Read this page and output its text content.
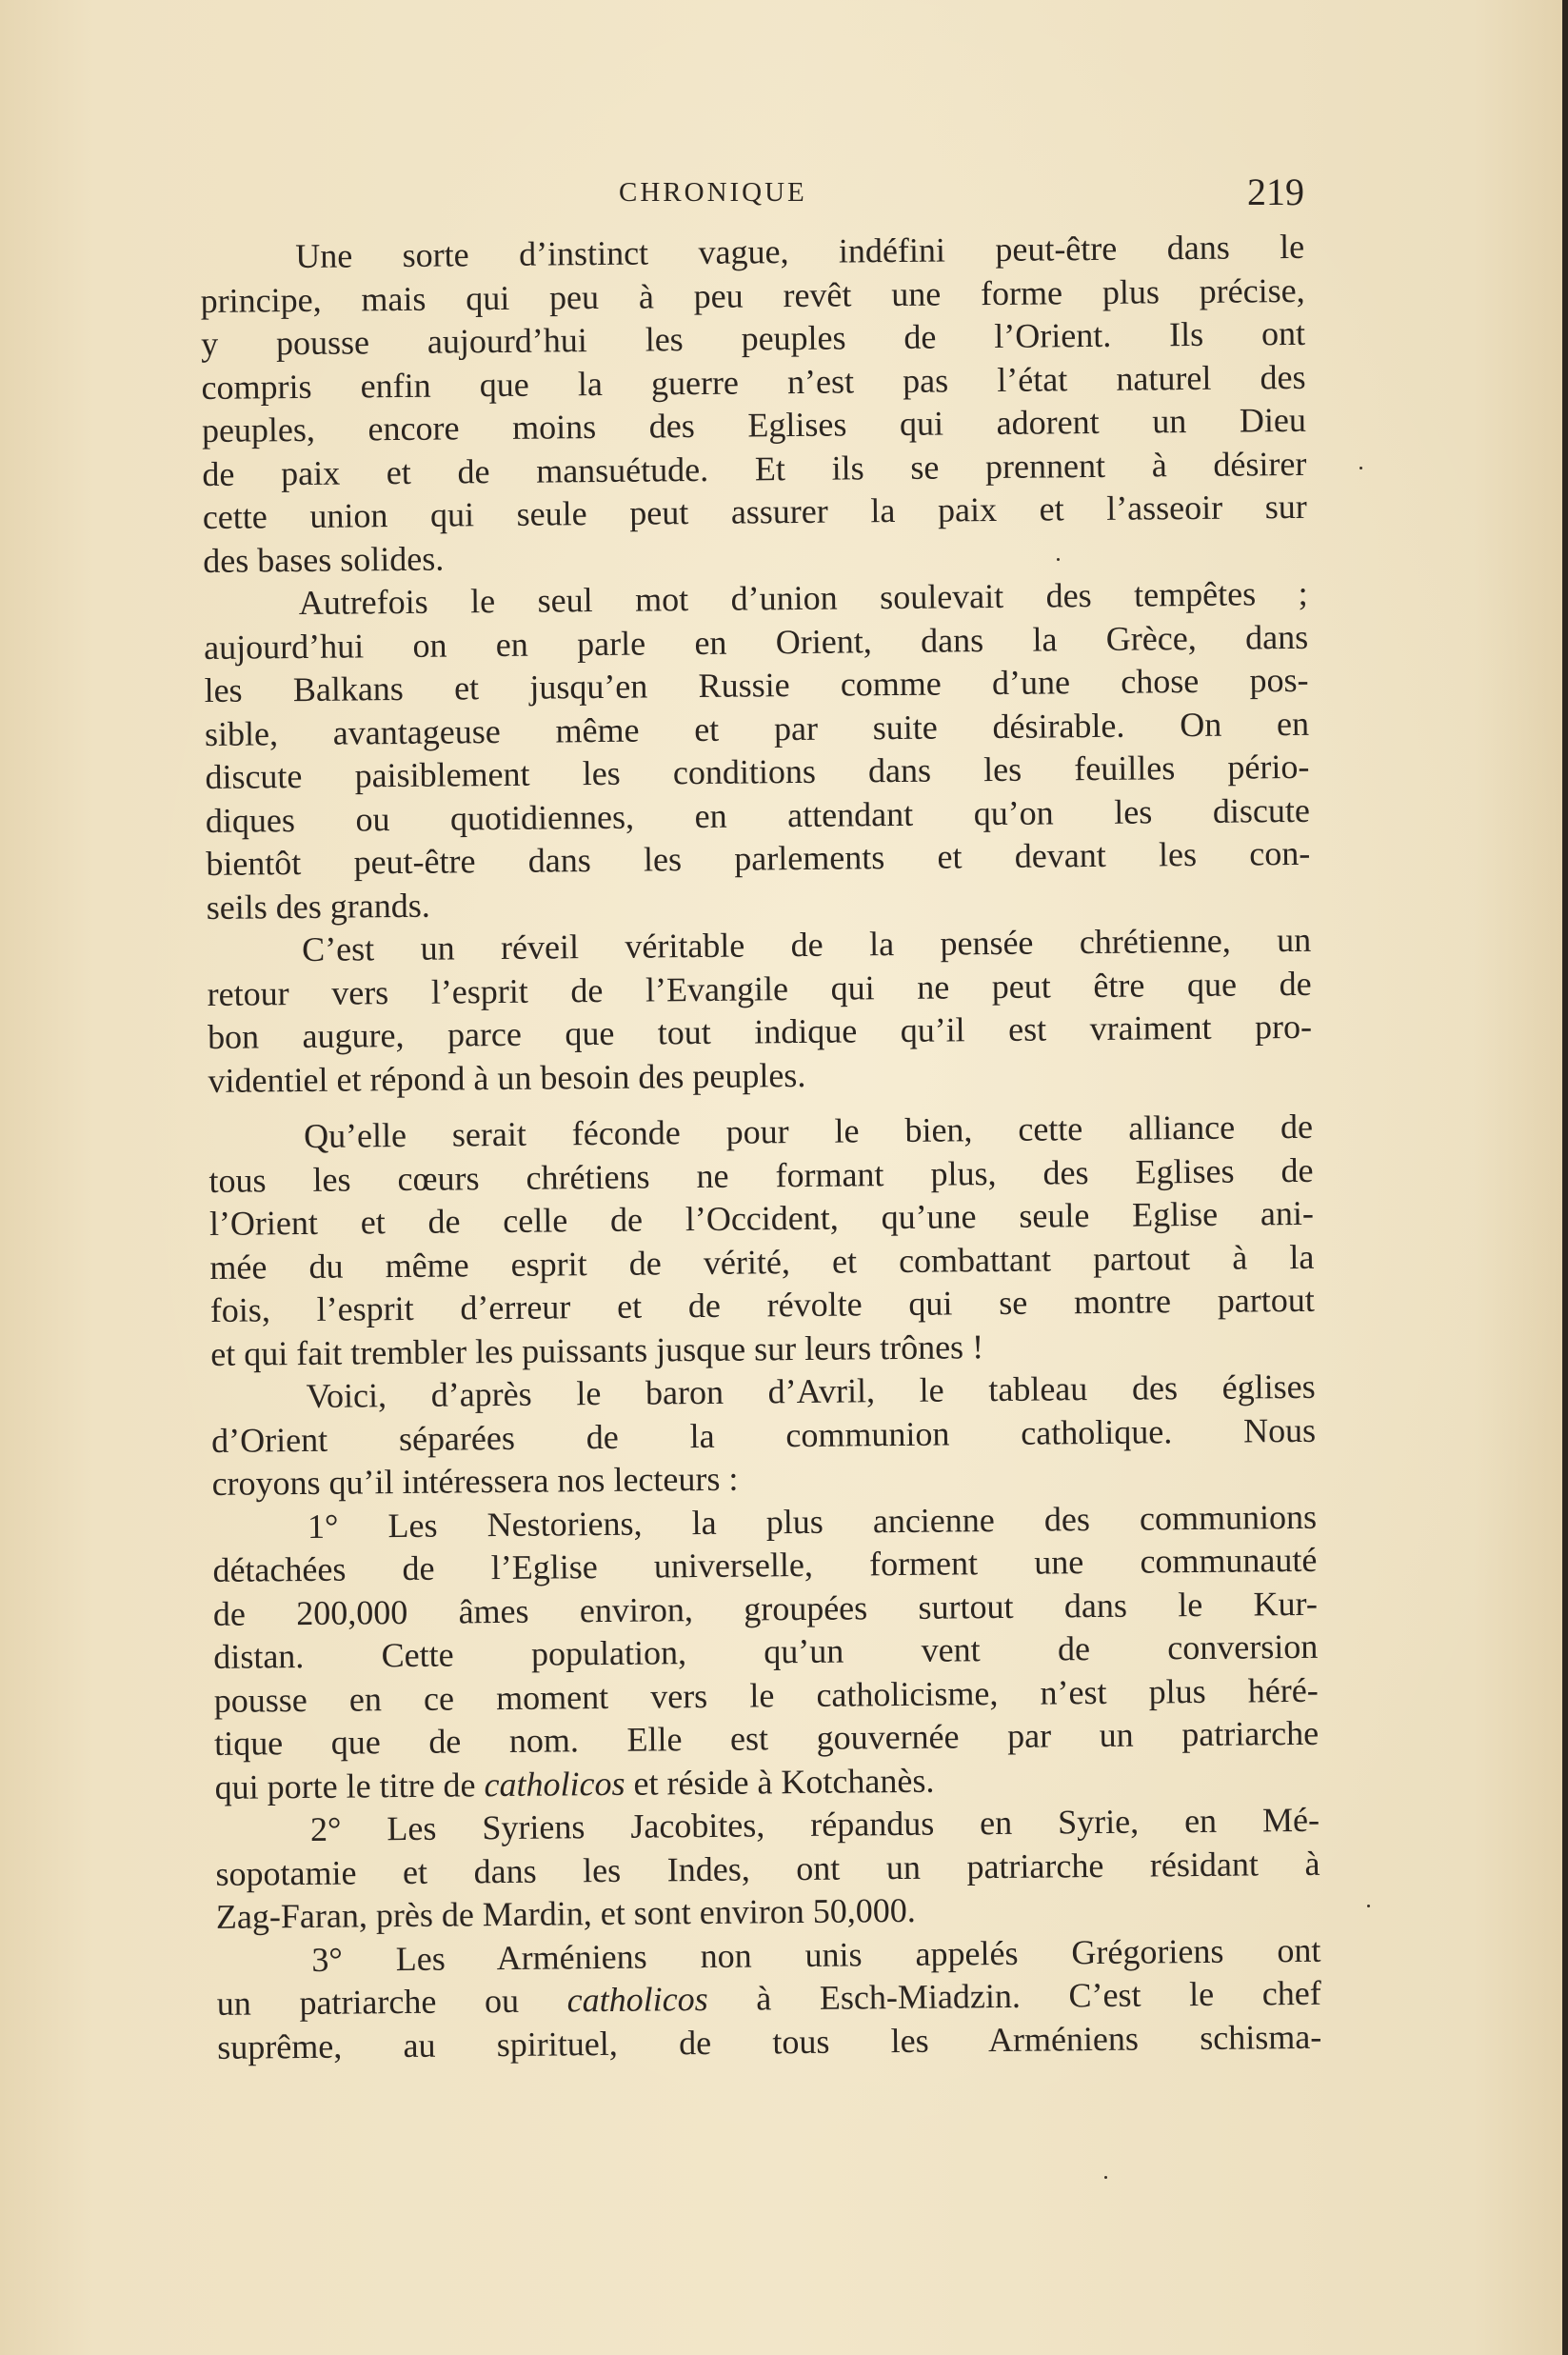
CHRONIQUE	219
Une sorte d’instinct vague, indéfini peut-être dans le
principe, mais qui peu à peu revêt une forme plus précise,
y pousse aujourd’hui les peuples de l’Orient. Ils ont
compris enfin que la guerre n’est pas l’état naturel des
peuples, encore moins des Eglises qui adorent un Dieu
de paix et de mansuétude. Et ils se prennent à désirer
cette union qui seule peut assurer la paix et l’asseoir sur
des bases solides.
Autrefois le seul mot d’union soulevait des tempêtes ;
aujourd’hui on en parle en Orient, dans la Grèce, dans
les Balkans et jusqu’en Russie comme d’une chose pos-
sible, avantageuse même et par suite désirable. On en
discute paisiblement les conditions dans les feuilles pério-
diques ou quotidiennes, en attendant qu’on les discute
bientôt peut-être dans les parlements et devant les con-
seils des grands.
C’est un réveil véritable de la pensée chrétienne, un
retour vers l’esprit de l’Evangile qui ne peut être que de
bon augure, parce que tout indique qu’il est vraiment pro-
videntiel et répond à un besoin des peuples.
Qu’elle serait féconde pour le bien, cette alliance de
tous les cœurs chrétiens ne formant plus, des Eglises de
l’Orient et de celle de l’Occident, qu’une seule Eglise ani-
mée du même esprit de vérité, et combattant partout à la
fois, l’esprit d’erreur et de révolte qui se montre partout
et qui fait trembler les puissants jusque sur leurs trônes !
Voici, d’après le baron d’Avril, le tableau des églises
d’Orient séparées de la communion catholique. Nous
croyons qu’il intéressera nos lecteurs :
1° Les Nestoriens, la plus ancienne des communions
détachées de l’Eglise universelle, forment une communauté
de 200,000 âmes environ, groupées surtout dans le Kur-
distan. Cette population, qu’un vent de conversion
pousse en ce moment vers le catholicisme, n’est plus héré-
tique que de nom. Elle est gouvernée par un patriarche
qui porte le titre de catholicos et réside à Kotchanès.
2° Les Syriens Jacobites, répandus en Syrie, en Mé-
sopotamie et dans les Indes, ont un patriarche résidant à
Zag-Faran, près de Mardin, et sont environ 50,000.
3° Les Arméniens non unis appelés Grégoriens ont
un patriarche ou catholicos à Esch-Miadzin. C’est le chef
suprême, au spirituel, de tous les Arméniens schisma-
